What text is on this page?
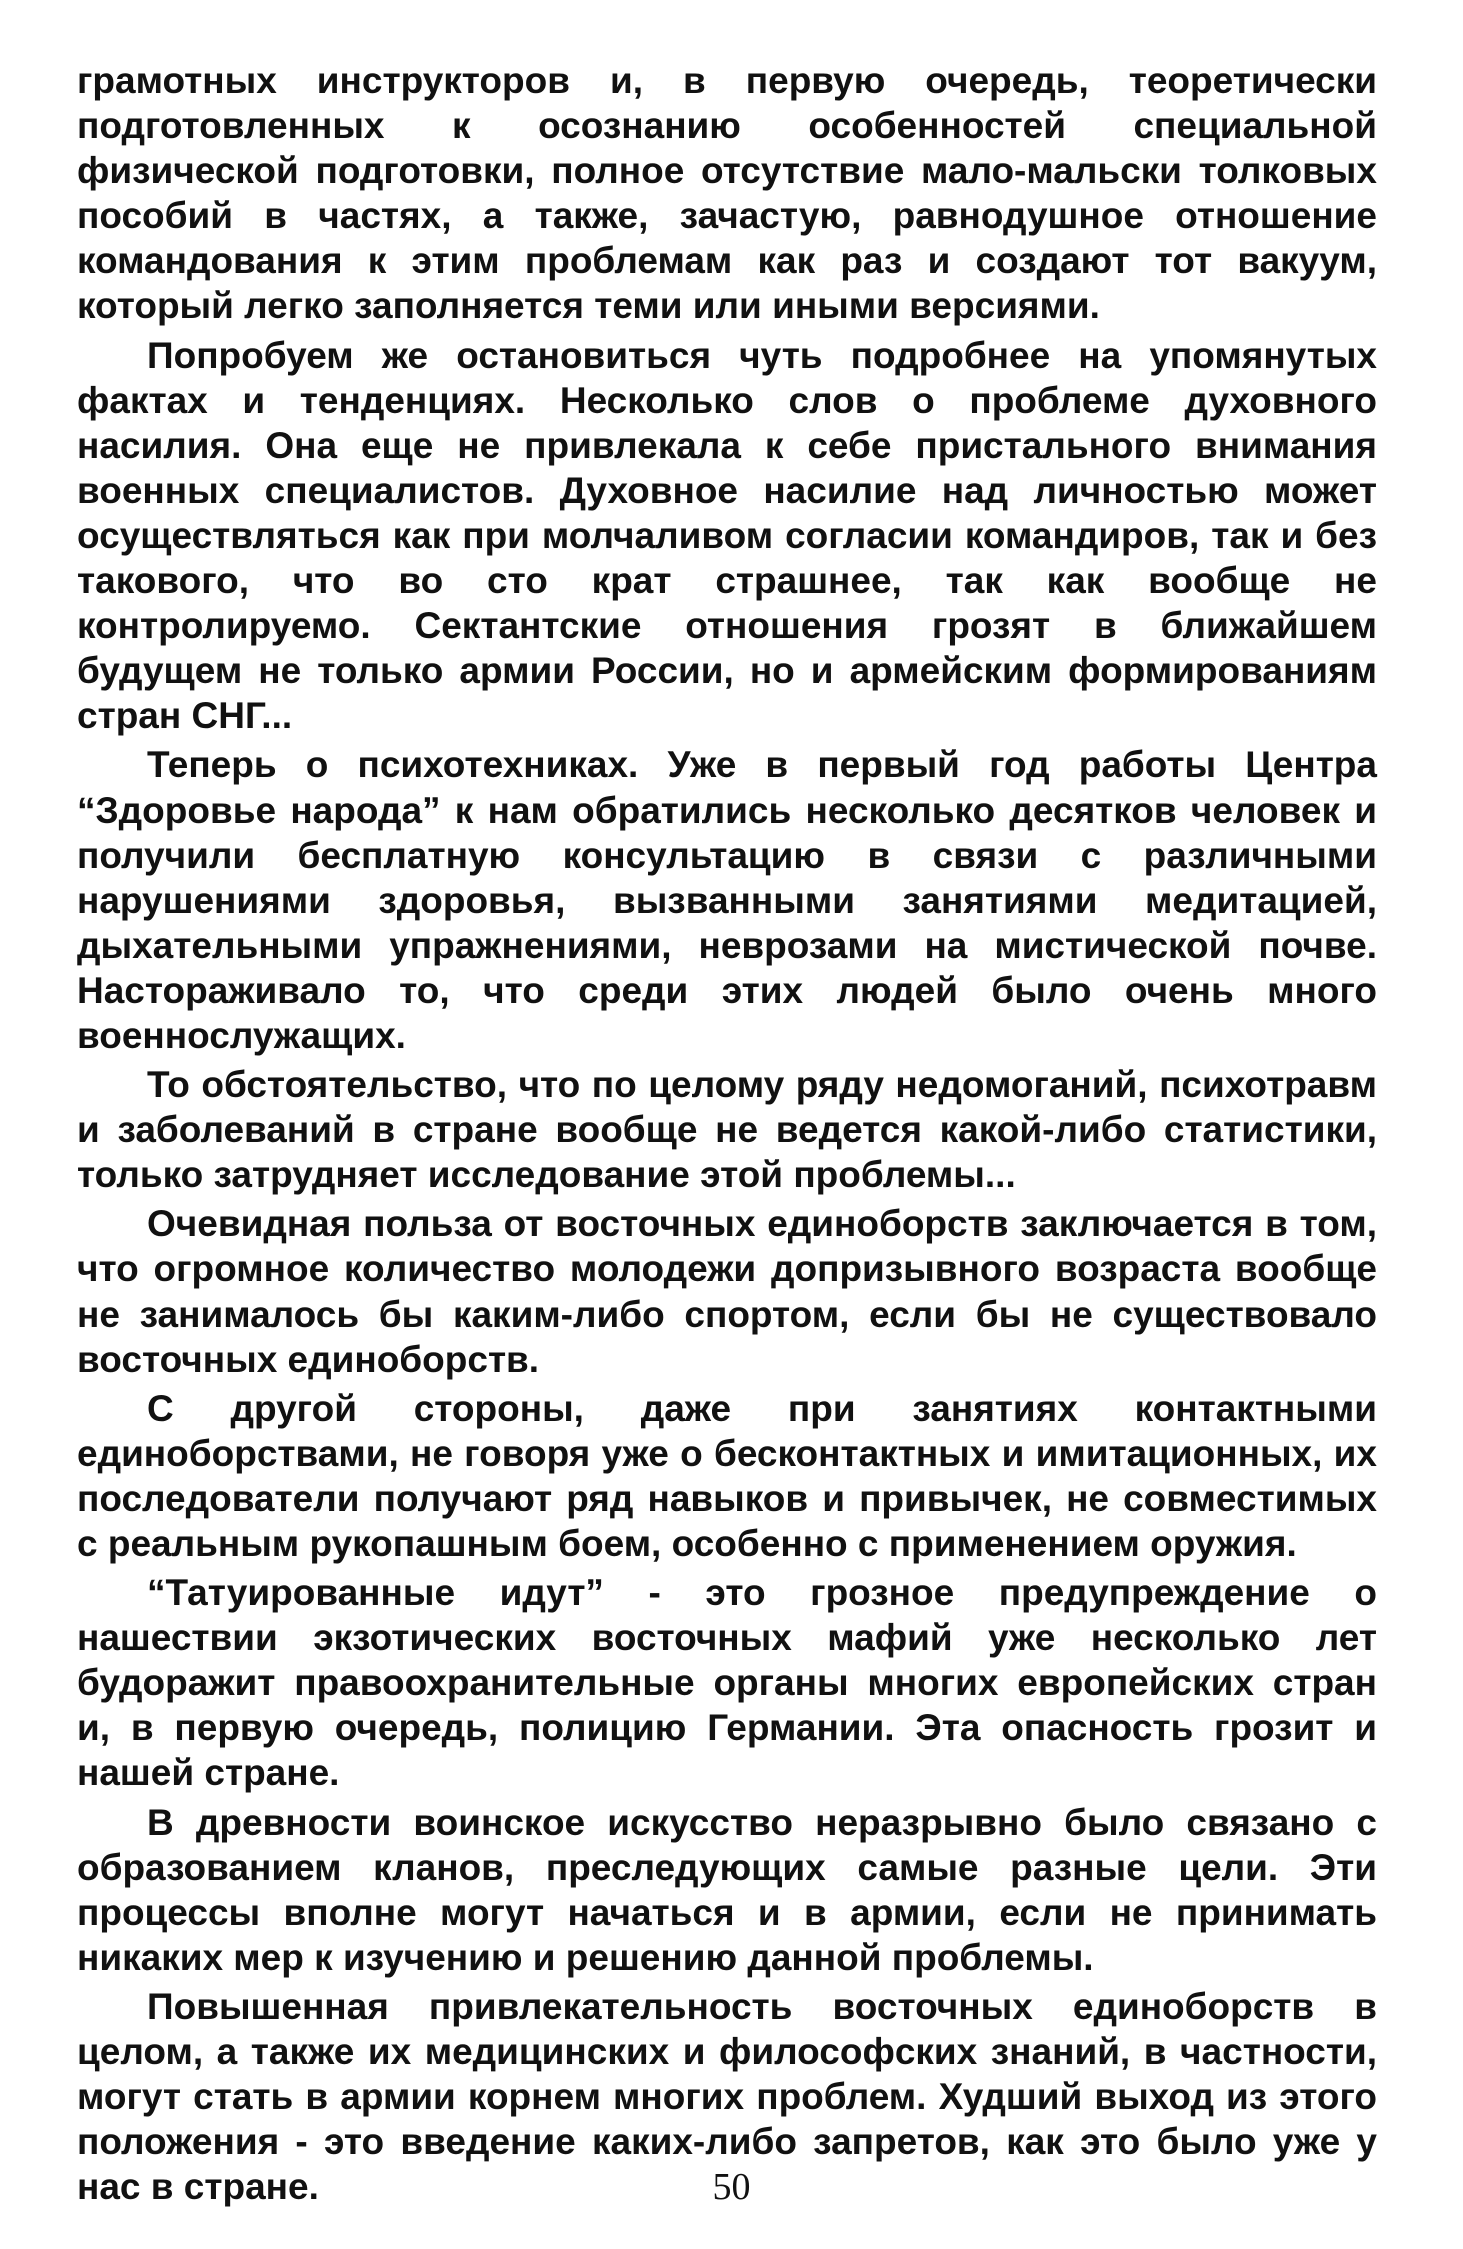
грамотных инструкторов и, в первую очередь, теоретически подготовленных к осознанию особенностей специальной физической подготовки, полное отсутствие мало-мальски толковых пособий в частях, а также, зачастую, равнодушное отношение командования к этим проблемам как раз и создают тот вакуум, который легко заполняется теми или иными версиями.

Попробуем же остановиться чуть подробнее на упомянутых фактах и тенденциях. Несколько слов о проблеме духовного насилия. Она еще не привлекала к себе пристального внимания военных специалистов. Духовное насилие над личностью может осуществляться как при молчаливом согласии командиров, так и без такового, что во сто крат страшнее, так как вообще не контролируемо. Сектантские отношения грозят в ближайшем будущем не только армии России, но и армейским формированиям стран СНГ...

Теперь о психотехниках. Уже в первый год работы Центра “Здоровье народа” к нам обратились несколько десятков человек и получили бесплатную консультацию в связи с различными нарушениями здоровья, вызванными занятиями медитацией, дыхательными упражнениями, неврозами на мистической почве. Настораживало то, что среди этих людей было очень много военнослужащих.

То обстоятельство, что по целому ряду недомоганий, психотравм и заболеваний в стране вообще не ведется какой-либо статистики, только затрудняет исследование этой проблемы...

Очевидная польза от восточных единоборств заключается в том, что огромное количество молодежи допризывного возраста вообще не занималось бы каким-либо спортом, если бы не существовало восточных единоборств.

С другой стороны, даже при занятиях контактными единоборствами, не говоря уже о бесконтактных и имитационных, их последователи получают ряд навыков и привычек, не совместимых с реальным рукопашным боем, особенно с применением оружия.

“Татуированные идут” - это грозное предупреждение о нашествии экзотических восточных мафий уже несколько лет будоражит правоохранительные органы многих европейских стран и, в первую очередь, полицию Германии. Эта опасность грозит и нашей стране.

В древности воинское искусство неразрывно было связано с образованием кланов, преследующих самые разные цели. Эти процессы вполне могут начаться и в армии, если не принимать никаких мер к изучению и решению данной проблемы.

Повышенная привлекательность восточных единоборств в целом, а также их медицинских и философских знаний, в частности, могут стать в армии корнем многих проблем. Худший выход из этого положения - это введение каких-либо запретов, как это было уже у нас в стране.	50
